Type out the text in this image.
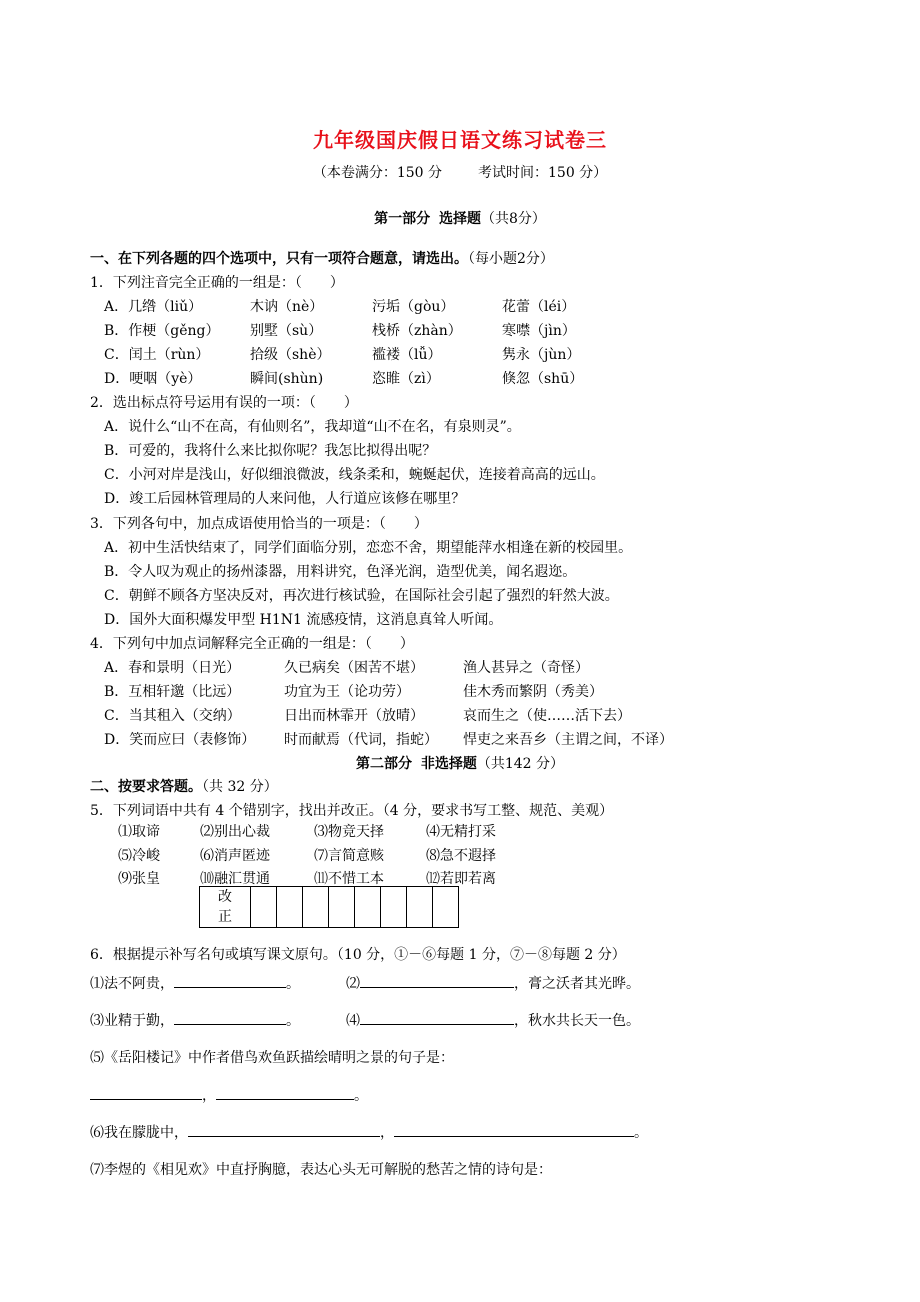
九年级国庆假日语文练习试卷三
（本卷满分：150 分	考试时间：150 分）
第一部分 选择题（共8分）
一、在下列各题的四个选项中，只有一项符合题意，请选出。（每小题2分）
1．下列注音完全正确的一组是：（　　）
A．几绺（liǔ）	木讷（nè）	污垢（gòu）	花蕾（léi）
B．作梗（gěng） 别墅（sù）	栈桥（zhàn）	寒噤（jìn）
C．闰土（rùn）	拾级（shè）	褴褛（lǚ）	隽永（jùn）
D．哽咽（yè）	瞬间(shùn)	恣睢（zì）	倏忽（shū）
2．选出标点符号运用有误的一项：（　　）
A．说什么“山不在高，有仙则名”，我却道“山不在名，有泉则灵”。
B．可爱的，我将什么来比拟你呢？我怎比拟得出呢？
C．小河对岸是浅山，好似细浪微波，线条柔和，蜿蜒起伏，连接着高高的远山。
D．竣工后园林管理局的人来问他，人行道应该修在哪里？
3．下列各句中，加点成语使用恰当的一项是：（　　）
A．初中生活快结束了，同学们面临分别，恋恋不舍，期望能萍水相逢在新的校园里。
B．令人叹为观止的扬州漆器，用料讲究，色泽光润，造型优美，闻名遐迩。
C．朝鲜不顾各方坚决反对，再次进行核试验，在国际社会引起了强烈的轩然大波。
D．国外大面积爆发甲型 H1N1 流感疫情，这消息真耸人听闻。
4．下列句中加点词解释完全正确的一组是：（　　）
A．春和景明（日光）	久已病矣（困苦不堪）	渔人甚异之（奇怪）
B．互相轩邈（比远）	功宜为王（论功劳）	佳木秀而繁阴（秀美）
C．当其租入（交纳）	日出而林霏开（放晴）	哀而生之（使……活下去）
D．笑而应曰（表修饰） 时而献焉（代词，指蛇） 悍吏之来吾乡（主谓之间，不译）
第二部分 非选择题（共142 分）
二、按要求答题。（共 32 分）
5．下列词语中共有 4 个错别字，找出并改正。（4 分，要求书写工整、规范、美观）
⑴取谛	⑵别出心裁	⑶物竞天择	⑷无精打采
⑸冷峻	⑹消声匿迹	⑺言简意赅	⑻急不遐择
⑼张皇	⑽融汇贯通	⑾不惜工本	⑿若即若离
改
正								
6．根据提示补写名句或填写课文原句。（10 分，①－⑥每题 1 分，⑦－⑧每题 2 分）
⑴法不阿贵，	。	⑵	，膏之沃者其光晔。
⑶业精于勤，	。	⑷	，秋水共长天一色。
⑸《岳阳楼记》中作者借鸟欢鱼跃描绘晴明之景的句子是：
，	。
⑹我在朦胧中，	，	。
⑺李煜的《相见欢》中直抒胸臆，表达心头无可解脱的愁苦之情的诗句是：
